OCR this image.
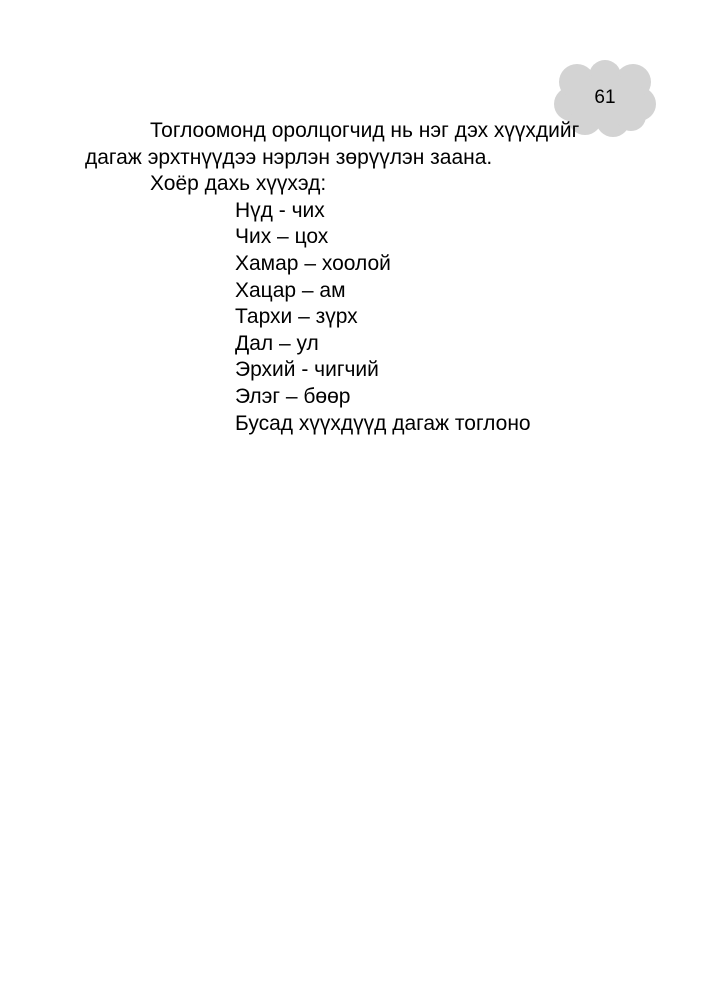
61

Тоглоомонд оролцогчид нь нэг дэх хүүхдийг дагаж эрхтнүүдээ нэрлэн зөрүүлэн заана.

Хоёр дахь хүүхэд:

Нүд - чих
Чих – цох
Хамар – хоолой
Хацар – ам
Тархи – зүрх
Дал – ул
Эрхий - чигчий
Элэг – бөөр
Бусад хүүхдүүд дагаж тоглоно
